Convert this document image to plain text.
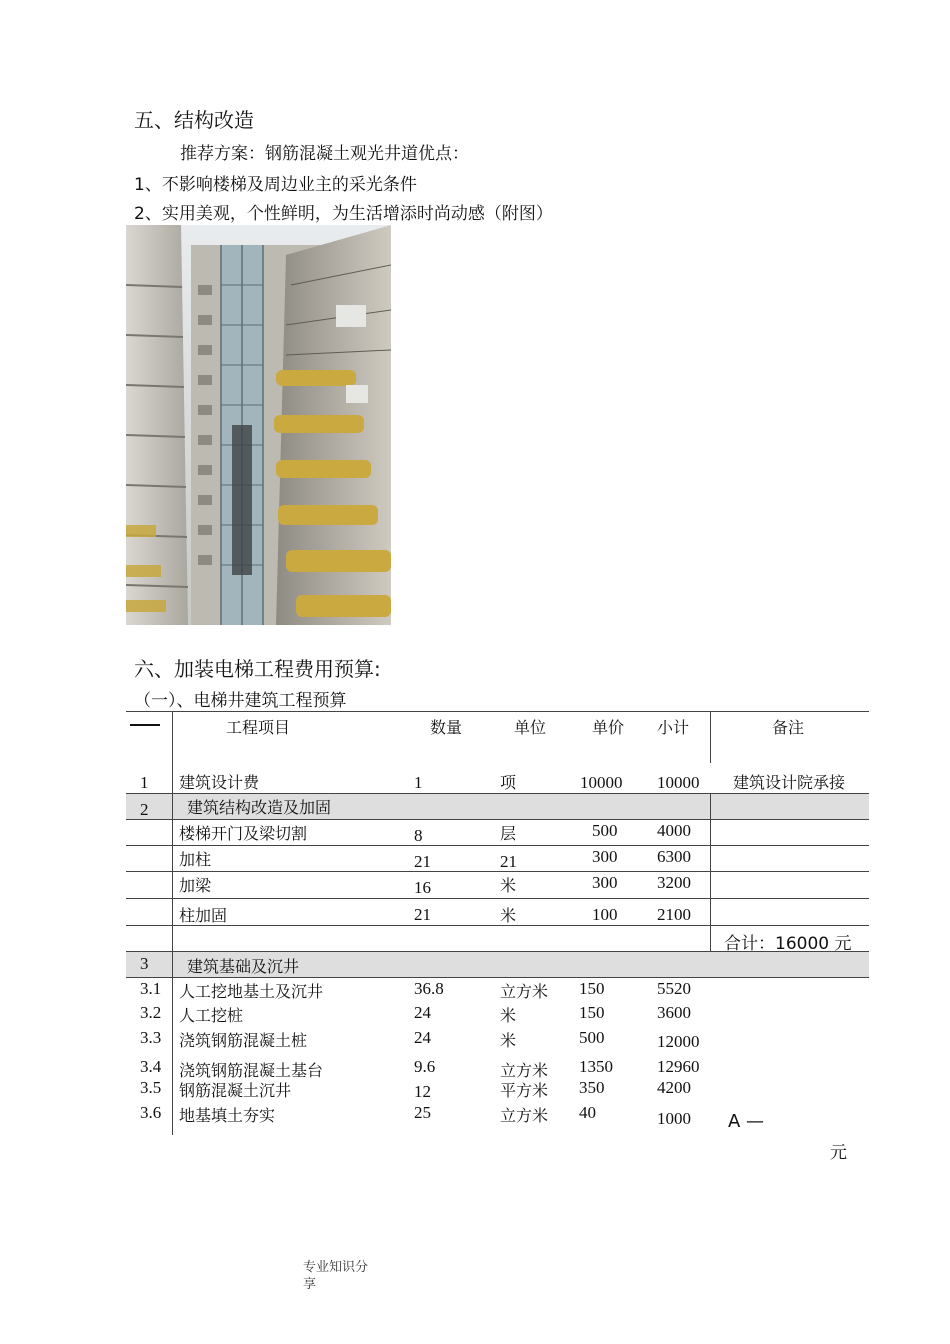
五、结构改造
推荐方案：钢筋混凝土观光井道优点：
1、不影响楼梯及周边业主的采光条件
2、实用美观，个性鲜明，为生活增添时尚动感（附图）
六、加装电梯工程费用预算:
（一）、电梯井建筑工程预算
工程项目	数量	单位	单价 小计	备注
1 建筑设计费	1	项	10000 10000 建筑设计院承接
2 建筑结构改造及加固
楼梯开门及梁切割	8	层	500 4000
加柱	21	21	300 6300
加梁	16	米	300 3200
柱加固	21	米	100 2100
合计：16000 元
3 建筑基础及沉井
3.1 人工挖地基土及沉井	36.8	立方米 150	5520
3.2 人工挖桩	24	米	150	3600
3.3 浇筑钢筋混凝土桩	24	米	500	12000
3.4 浇筑钢筋混凝土基台	9.6	立方米 1350	12960
3.5 钢筋混凝土沉井	12	平方米 350	4200
3.6 地基填土夯实	25	立方米 40	1000 A —
元
专业知识分
享
